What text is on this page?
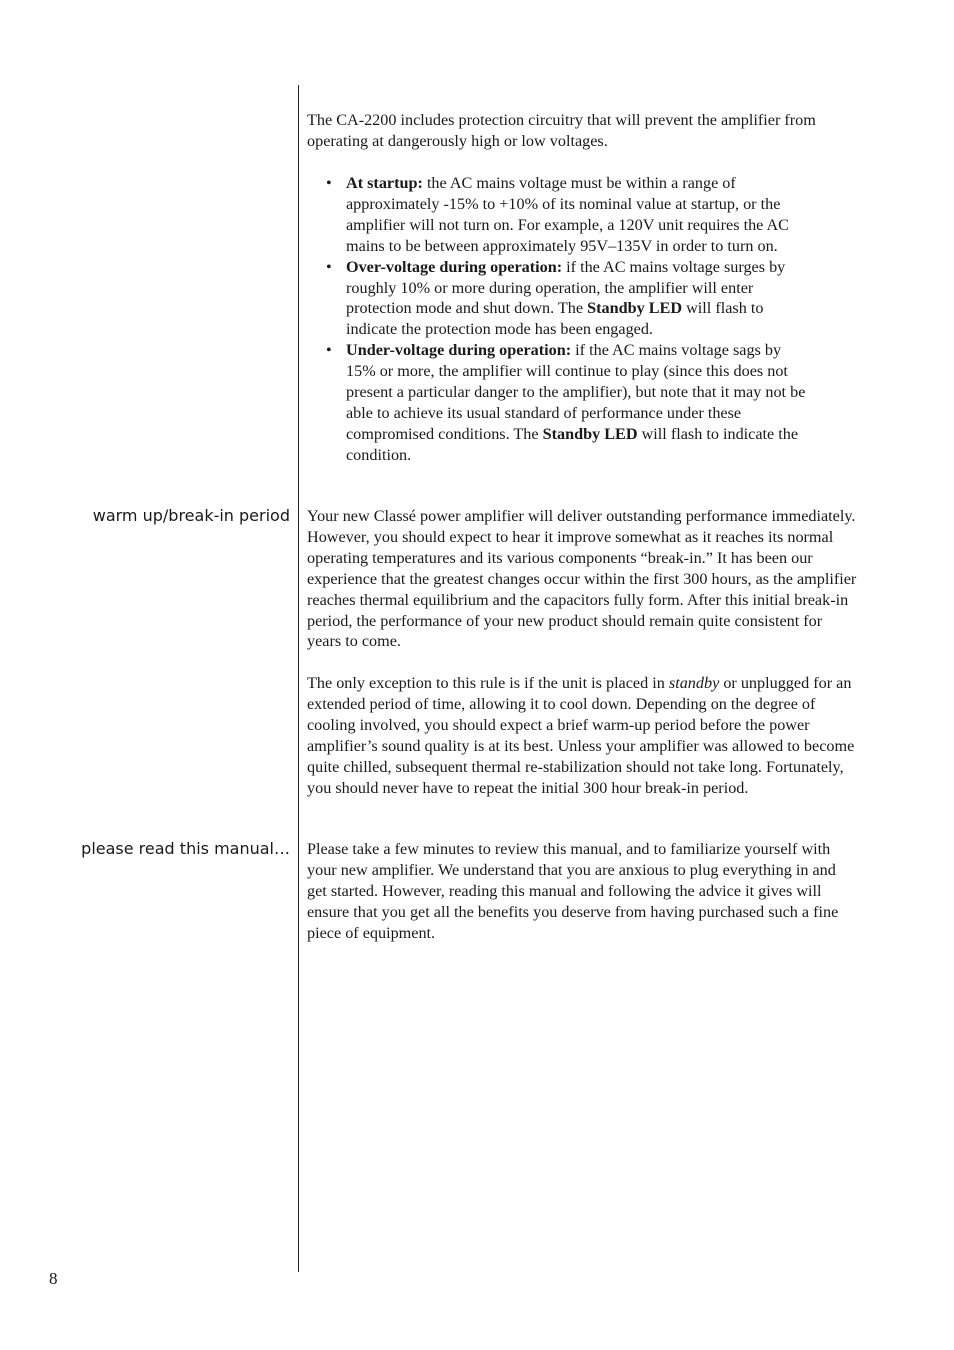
The CA-2200 includes protection circuitry that will prevent the amplifier from operating at dangerously high or low voltages.

• At startup: the AC mains voltage must be within a range of approximately -15% to +10% of its nominal value at startup, or the amplifier will not turn on. For example, a 120V unit requires the AC mains to be between approximately 95V–135V in order to turn on.
• Over-voltage during operation: if the AC mains voltage surges by roughly 10% or more during operation, the amplifier will enter protection mode and shut down. The Standby LED will flash to indicate the protection mode has been engaged.
• Under-voltage during operation: if the AC mains voltage sags by 15% or more, the amplifier will continue to play (since this does not present a particular danger to the amplifier), but note that it may not be able to achieve its usual standard of performance under these compromised conditions. The Standby LED will flash to indicate the condition.
warm up/break-in period Your new Classé power amplifier will deliver outstanding performance immediately. However, you should expect to hear it improve somewhat as it reaches its normal operating temperatures and its various components “break-in.” It has been our experience that the greatest changes occur within the first 300 hours, as the amplifier reaches thermal equilibrium and the capacitors fully form. After this initial break-in period, the performance of your new product should remain quite consistent for years to come.

The only exception to this rule is if the unit is placed in standby or unplugged for an extended period of time, allowing it to cool down. Depending on the degree of cooling involved, you should expect a brief warm-up period before the power amplifier’s sound quality is at its best. Unless your amplifier was allowed to become quite chilled, subsequent thermal re-stabilization should not take long. Fortunately, you should never have to repeat the initial 300 hour break-in period.

please read this manual… Please take a few minutes to review this manual, and to familiarize yourself with your new amplifier. We understand that you are anxious to plug everything in and get started. However, reading this manual and following the advice it gives will ensure that you get all the benefits you deserve from having purchased such a fine piece of equipment.

8
